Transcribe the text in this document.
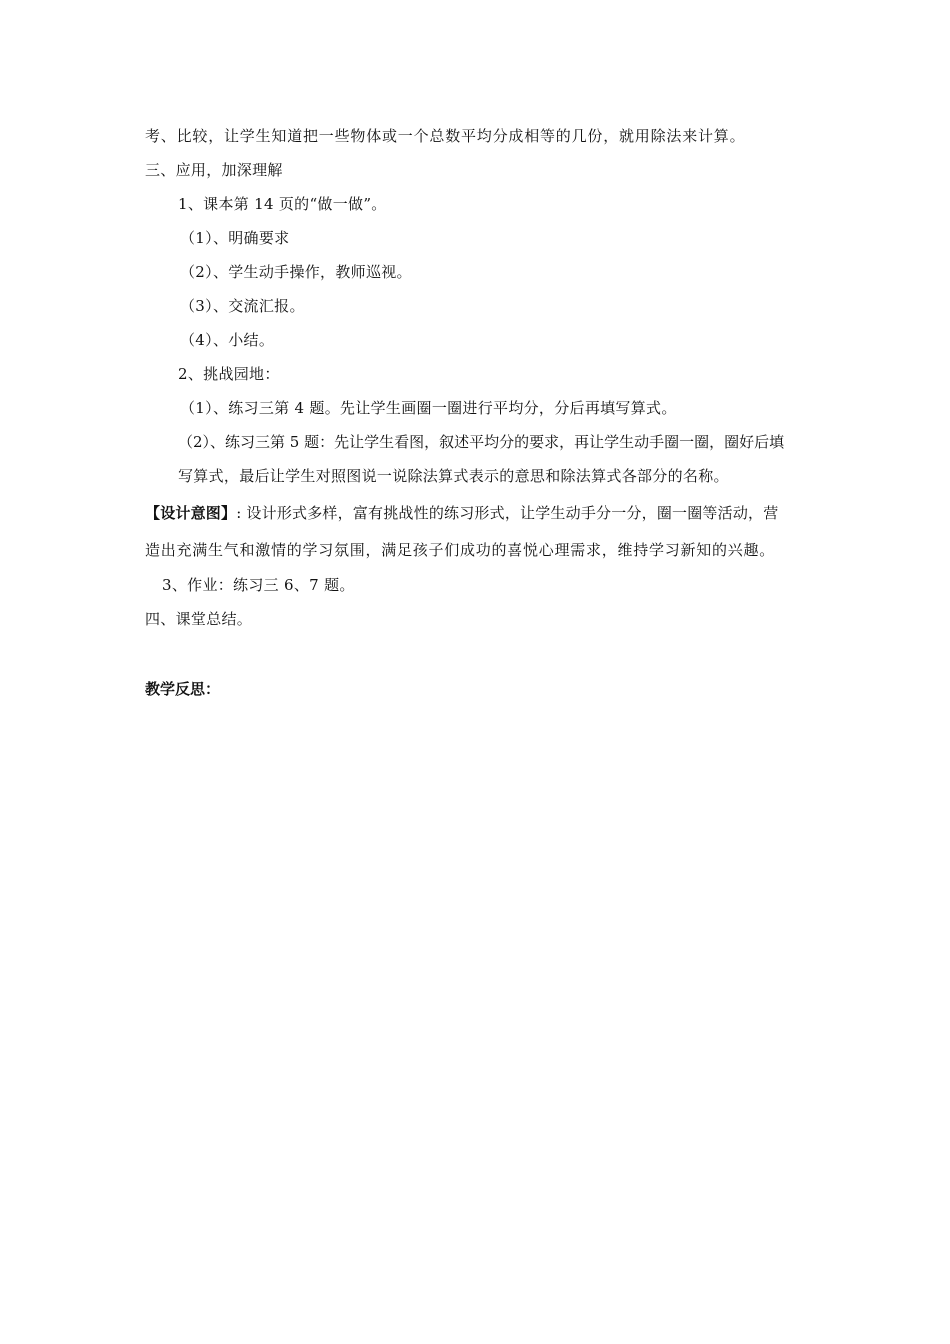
考、比较，让学生知道把一些物体或一个总数平均分成相等的几份，就用除法来计算。
三、应用，加深理解
1、课本第 14 页的“做一做”。
（1）、明确要求
（2）、学生动手操作，教师巡视。
（3）、交流汇报。
（4）、小结。
2、挑战园地：
（1）、练习三第 4 题。先让学生画圈一圈进行平均分，分后再填写算式。
（2）、练习三第 5 题：先让学生看图，叙述平均分的要求，再让学生动手圈一圈，圈好后填
写算式，最后让学生对照图说一说除法算式表示的意思和除法算式各部分的名称。
【设计意图】: 设计形式多样，富有挑战性的练习形式，让学生动手分一分，圈一圈等活动，营
造出充满生气和激情的学习氛围，满足孩子们成功的喜悦心理需求，维持学习新知的兴趣。
3、作业：练习三 6、7 题。
四、课堂总结。
教学反思：
